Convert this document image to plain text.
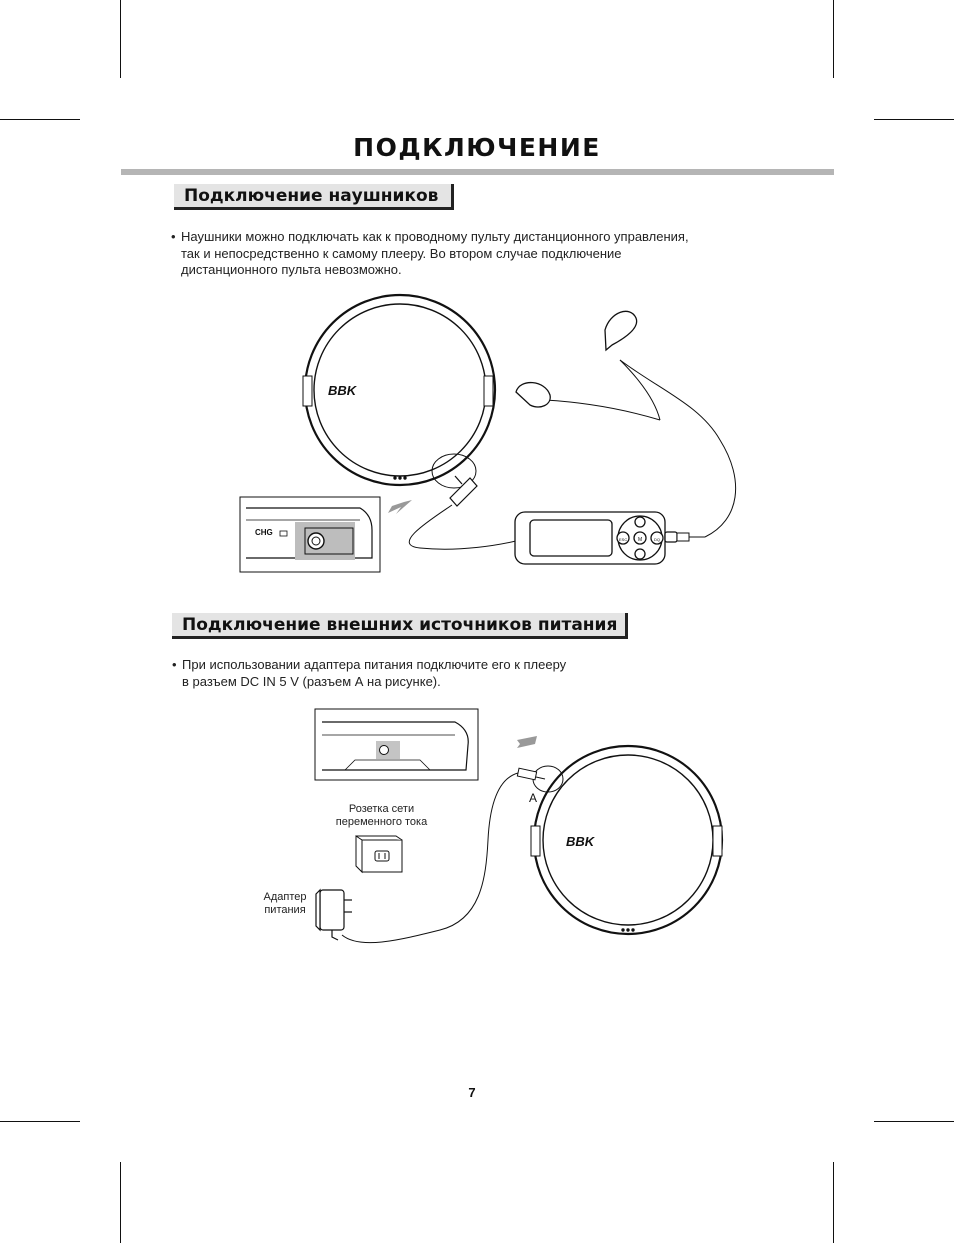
ПОДКЛЮЧЕНИЕ
Подключение наушников
• Наушники можно подключать как к проводному пульту дистанционного управления,
так и непосредственно к самому плееру. Во втором случае подключение
дистанционного пульта невозможно.
BBK
ESC M	DQ
CHG
Подключение внешних источников питания
• При использовании адаптера питания подключите его к плееру
в разъем DC IN 5 V (разъем А на рисунке).
BBK
А
Розетка сети
переменного тока
Адаптер
питания
7
